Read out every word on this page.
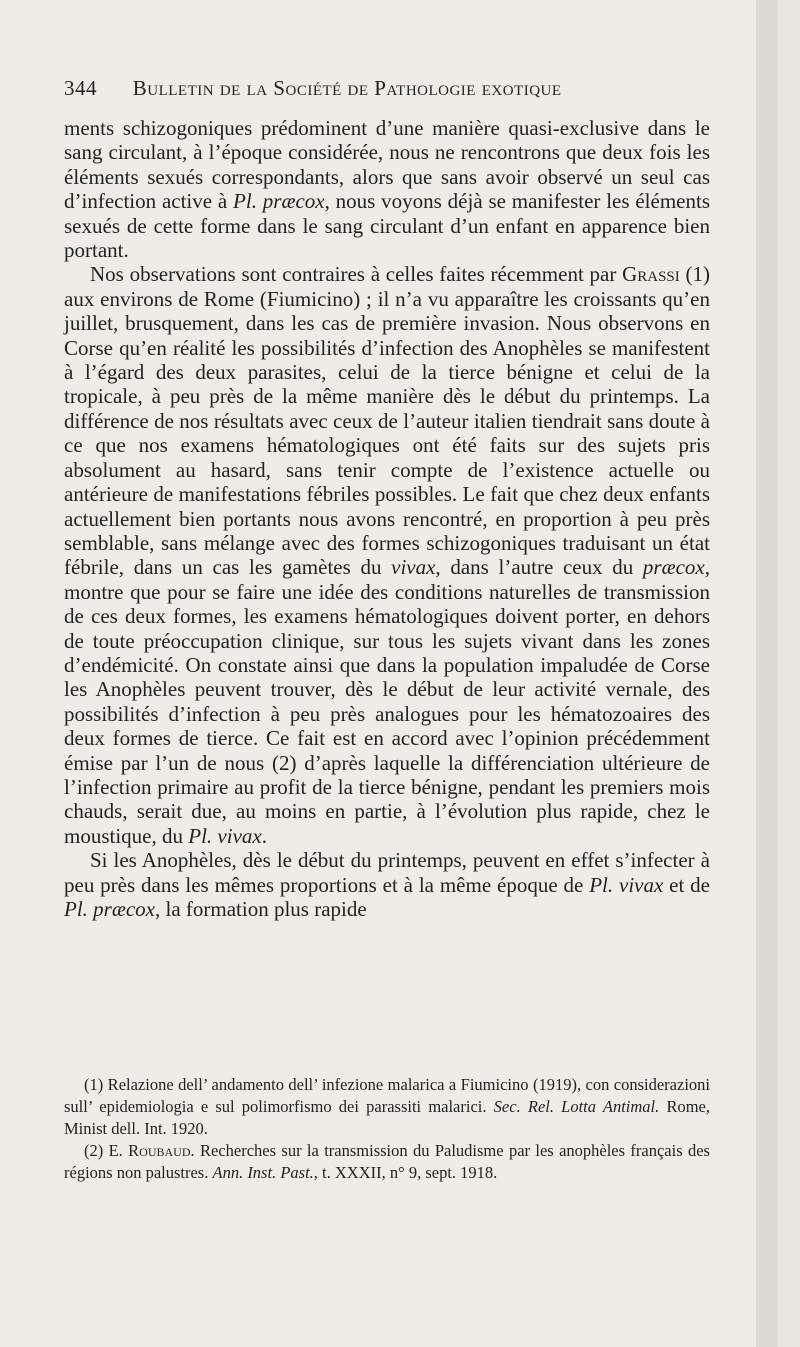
344 Bulletin de la Société de Pathologie exotique

ments schizogoniques prédominent d’une manière quasi-exclusive dans le sang circulant, à l’époque considérée, nous ne rencontrons que deux fois les éléments sexués correspondants, alors que sans avoir observé un seul cas d’infection active à Pl. præcox, nous voyons déjà se manifester les éléments sexués de cette forme dans le sang circulant d’un enfant en apparence bien portant.

Nos observations sont contraires à celles faites récemment par Grassi (1) aux environs de Rome (Fiumicino) ; il n’a vu apparaître les croissants qu’en juillet, brusquement, dans les cas de première invasion. Nous observons en Corse qu’en réalité les possibilités d’infection des Anophèles se manifestent à l’égard des deux parasites, celui de la tierce bénigne et celui de la tropicale, à peu près de la même manière dès le début du printemps. La différence de nos résultats avec ceux de l’auteur italien tiendrait sans doute à ce que nos examens hématologiques ont été faits sur des sujets pris absolument au hasard, sans tenir compte de l’existence actuelle ou antérieure de manifestations fébriles possibles. Le fait que chez deux enfants actuellement bien portants nous avons rencontré, en proportion à peu près semblable, sans mélange avec des formes schizogoniques traduisant un état fébrile, dans un cas les gamètes du vivax, dans l’autre ceux du præcox, montre que pour se faire une idée des conditions naturelles de transmission de ces deux formes, les examens hématologiques doivent porter, en dehors de toute préoccupation clinique, sur tous les sujets vivant dans les zones d’endémicité. On constate ainsi que dans la population impaludée de Corse les Anophèles peuvent trouver, dès le début de leur activité vernale, des possibilités d’infection à peu près analogues pour les hématozoaires des deux formes de tierce. Ce fait est en accord avec l’opinion précédemment émise par l’un de nous (2) d’après laquelle la différenciation ultérieure de l’infection primaire au profit de la tierce bénigne, pendant les premiers mois chauds, serait due, au moins en partie, à l’évolution plus rapide, chez le moustique, du Pl. vivax.

Si les Anophèles, dès le début du printemps, peuvent en effet s’infecter à peu près dans les mêmes proportions et à la même époque de Pl. vivax et de Pl. præcox, la formation plus rapide

(1) Relazione dell’ andamento dell’ infezione malarica a Fiumicino (1919), con considerazioni sull’ epidemiologia e sul polimorfismo dei parassiti malarici. Sec. Rel. Lotta Antimal. Rome, Minist dell. Int. 1920.

(2) E. Roubaud. Recherches sur la transmission du Paludisme par les anophèles français des régions non palustres. Ann. Inst. Past., t. XXXII, n° 9, sept. 1918.
